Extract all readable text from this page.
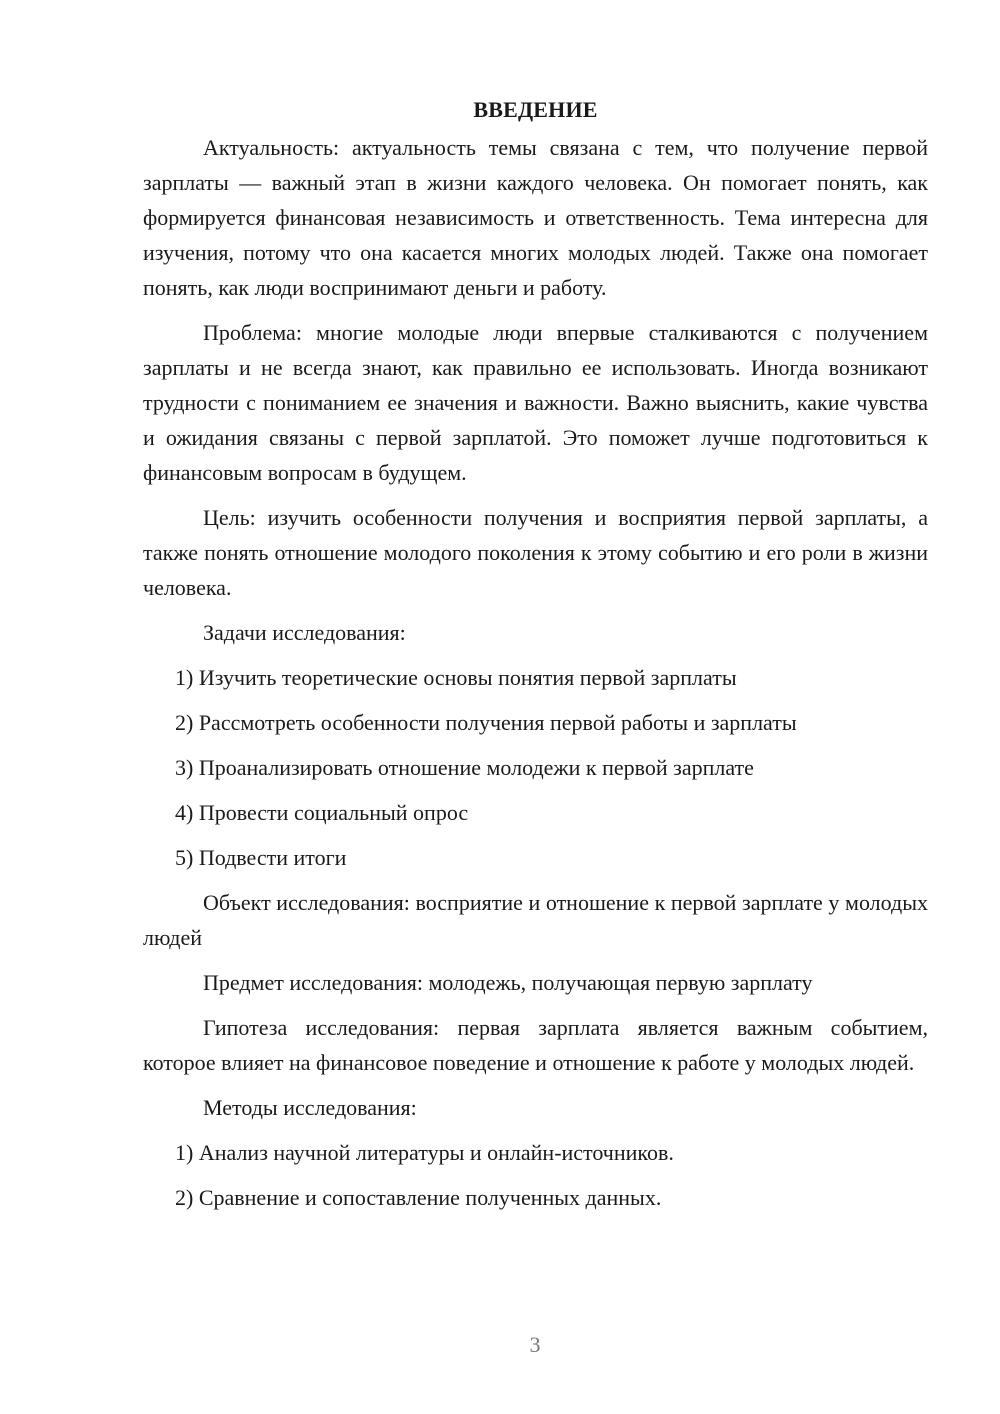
ВВЕДЕНИЕ

Актуальность: актуальность темы связана с тем, что получение первой зарплаты — важный этап в жизни каждого человека. Он помогает понять, как формируется финансовая независимость и ответственность. Тема интересна для изучения, потому что она касается многих молодых людей. Также она помогает понять, как люди воспринимают деньги и работу.

Проблема: многие молодые люди впервые сталкиваются с получением зарплаты и не всегда знают, как правильно ее использовать. Иногда возникают трудности с пониманием ее значения и важности. Важно выяснить, какие чувства и ожидания связаны с первой зарплатой. Это поможет лучше подготовиться к финансовым вопросам в будущем.

Цель: изучить особенности получения и восприятия первой зарплаты, а также понять отношение молодого поколения к этому событию и его роли в жизни человека.

Задачи исследования:
1) Изучить теоретические основы понятия первой зарплаты
2) Рассмотреть особенности получения первой работы и зарплаты
3) Проанализировать отношение молодежи к первой зарплате
4) Провести социальный опрос
5) Подвести итоги

Объект исследования: восприятие и отношение к первой зарплате у молодых людей

Предмет исследования: молодежь, получающая первую зарплату

Гипотеза исследования: первая зарплата является важным событием, которое влияет на финансовое поведение и отношение к работе у молодых людей.

Методы исследования:
1) Анализ научной литературы и онлайн-источников.
2) Сравнение и сопоставление полученных данных.
3
